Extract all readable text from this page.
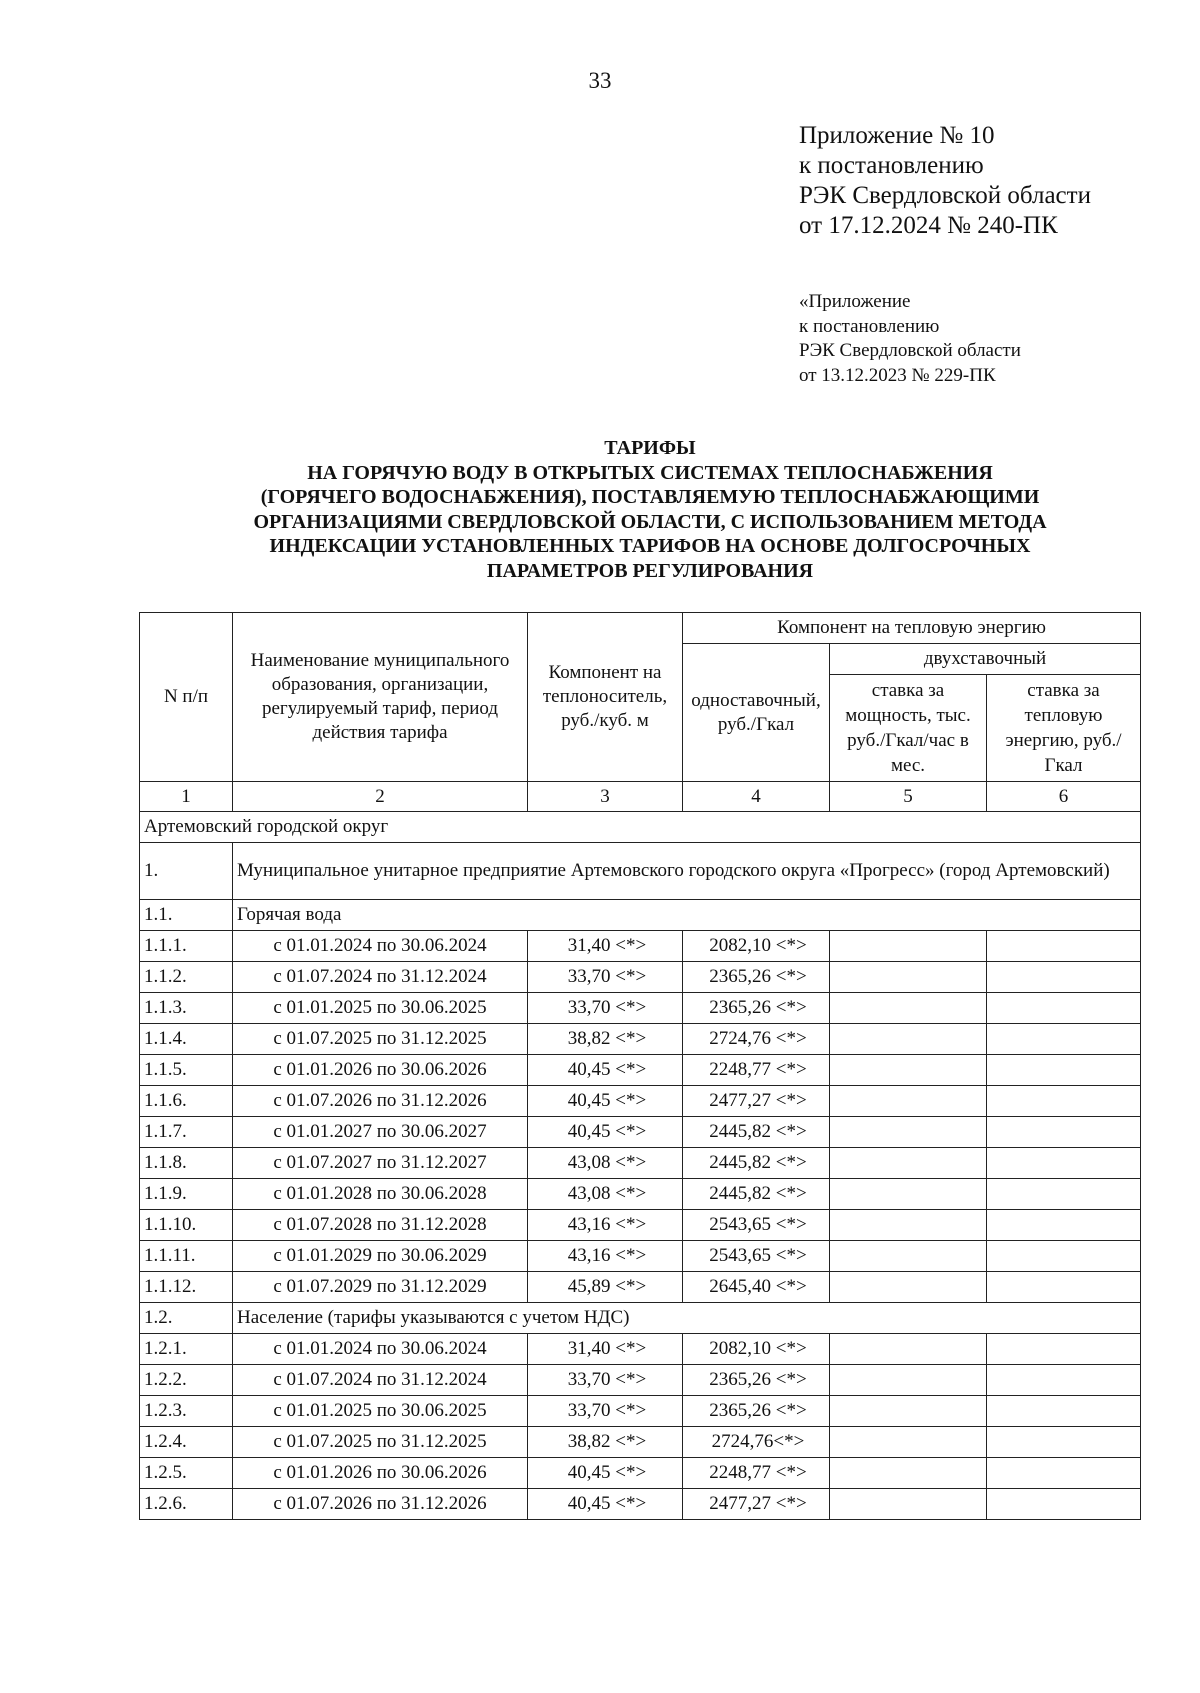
33
Приложение № 10
к постановлению
РЭК Свердловской области
от 17.12.2024 № 240-ПК
«Приложение
к постановлению
РЭК Свердловской области
от 13.12.2023 № 229-ПК
ТАРИФЫ
НА ГОРЯЧУЮ ВОДУ В ОТКРЫТЫХ СИСТЕМАХ ТЕПЛОСНАБЖЕНИЯ
(ГОРЯЧЕГО ВОДОСНАБЖЕНИЯ), ПОСТАВЛЯЕМУЮ ТЕПЛОСНАБЖАЮЩИМИ
ОРГАНИЗАЦИЯМИ СВЕРДЛОВСКОЙ ОБЛАСТИ, С ИСПОЛЬЗОВАНИЕМ МЕТОДА
ИНДЕКСАЦИИ УСТАНОВЛЕННЫХ ТАРИФОВ НА ОСНОВЕ ДОЛГОСРОЧНЫХ
ПАРАМЕТРОВ РЕГУЛИРОВАНИЯ
N п/п	Наименование муниципального образования, организации, регулируемый тариф, период действия тарифа	Компонент на теплоноситель, руб./куб. м	Компонент на тепловую энергию		
			одноставочный, руб./Гкал	двухставочный	
				ставка за мощность, тыс. руб./Гкал/час в мес.	ставка за тепловую энергию, руб./Гкал
1	2	3	4	5	6
Артемовский городской округ					
1.	Муниципальное унитарное предприятие Артемовского городского округа «Прогресс» (город Артемовский)				
1.1.	Горячая вода				
1.1.1.	с 01.01.2024 по 30.06.2024	31,40 <*>	2082,10 <*>		
1.1.2.	с 01.07.2024 по 31.12.2024	33,70 <*>	2365,26 <*>		
1.1.3.	с 01.01.2025 по 30.06.2025	33,70 <*>	2365,26 <*>		
1.1.4.	с 01.07.2025 по 31.12.2025	38,82 <*>	2724,76 <*>		
1.1.5.	с 01.01.2026 по 30.06.2026	40,45 <*>	2248,77 <*>		
1.1.6.	с 01.07.2026 по 31.12.2026	40,45 <*>	2477,27 <*>		
1.1.7.	с 01.01.2027 по 30.06.2027	40,45 <*>	2445,82 <*>		
1.1.8.	с 01.07.2027 по 31.12.2027	43,08 <*>	2445,82 <*>		
1.1.9.	с 01.01.2028 по 30.06.2028	43,08 <*>	2445,82 <*>		
1.1.10.	с 01.07.2028 по 31.12.2028	43,16 <*>	2543,65 <*>		
1.1.11.	с 01.01.2029 по 30.06.2029	43,16 <*>	2543,65 <*>		
1.1.12.	с 01.07.2029 по 31.12.2029	45,89 <*>	2645,40 <*>		
1.2.	Население (тарифы указываются с учетом НДС)				
1.2.1.	с 01.01.2024 по 30.06.2024	31,40 <*>	2082,10 <*>		
1.2.2.	с 01.07.2024 по 31.12.2024	33,70 <*>	2365,26 <*>		
1.2.3.	с 01.01.2025 по 30.06.2025	33,70 <*>	2365,26 <*>		
1.2.4.	с 01.07.2025 по 31.12.2025	38,82 <*>	2724,76<*>		
1.2.5.	с 01.01.2026 по 30.06.2026	40,45 <*>	2248,77 <*>		
1.2.6.	с 01.07.2026 по 31.12.2026	40,45 <*>	2477,27 <*>		
